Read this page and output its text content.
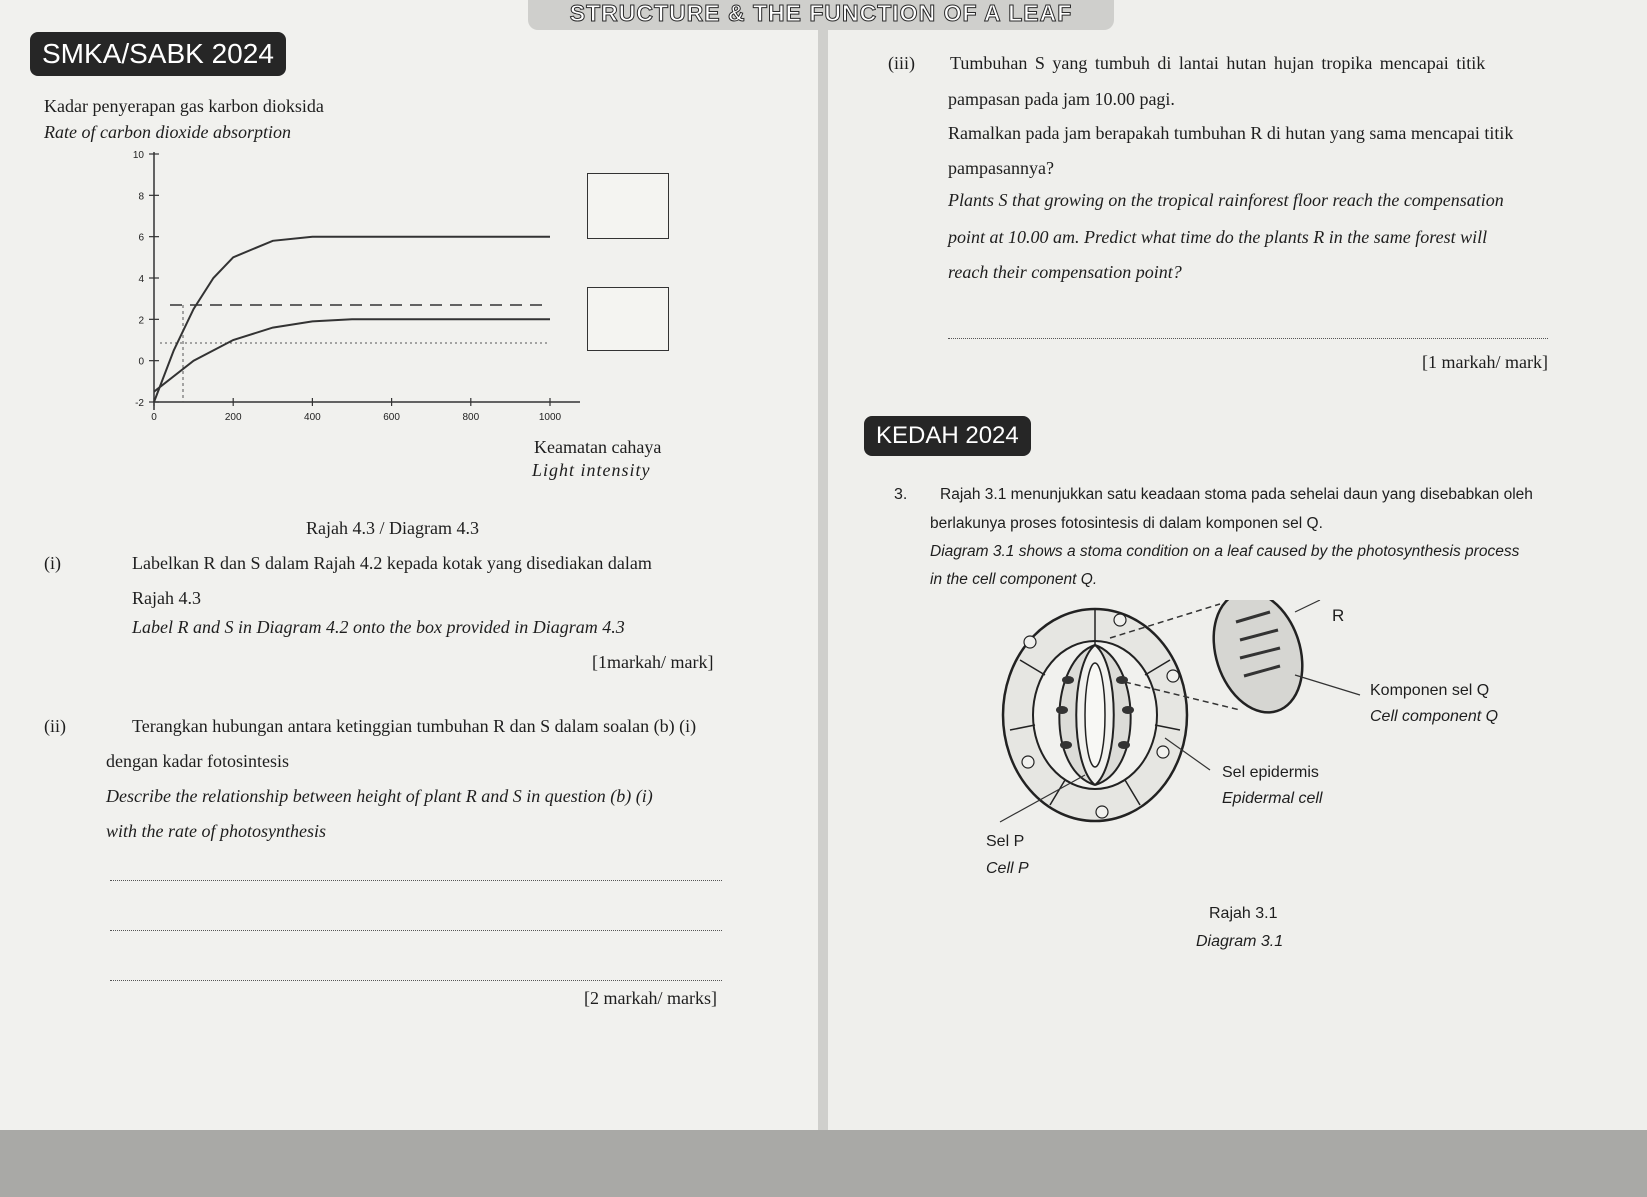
STRUCTURE & THE FUNCTION OF A LEAF
SMKA/SABK 2024
Kadar penyerapan gas karbon dioksida
Rate of carbon dioxide absorption
10
8
6
4
2
0
-2
0	200	400	600	800	1000
Keamatan cahaya
Light intensity
Rajah 4.3 / Diagram 4.3
(i)	Labelkan R dan S dalam Rajah 4.2 kepada kotak yang disediakan dalam
Rajah 4.3
Label R and S in Diagram 4.2 onto the box provided in Diagram 4.3
[1markah/ mark]
(ii)	Terangkan hubungan antara ketinggian tumbuhan R dan S dalam soalan (b) (i)
dengan kadar fotosintesis
Describe the relationship between height of plant R and S in question (b) (i)
with the rate of photosynthesis
[2 markah/ marks]
(iii) Tumbuhan S yang tumbuh di lantai hutan hujan tropika mencapai titik
pampasan pada jam 10.00 pagi.
Ramalkan pada jam berapakah tumbuhan R di hutan yang sama mencapai titik
pampasannya?
Plants S that growing on the tropical rainforest floor reach the compensation
point at 10.00 am. Predict what time do the plants R in the same forest will
reach their compensation point?
[1 markah/ mark]
KEDAH 2024
3. Rajah 3.1 menunjukkan satu keadaan stoma pada sehelai daun yang disebabkan oleh
berlakunya proses fotosintesis di dalam komponen sel Q.
Diagram 3.1 shows a stoma condition on a leaf caused by the photosynthesis process
in the cell component Q.
R
Komponen sel Q
Cell component Q
Sel epidermis
Epidermal cell
Sel P
Cell P
Rajah 3.1
Diagram 3.1
